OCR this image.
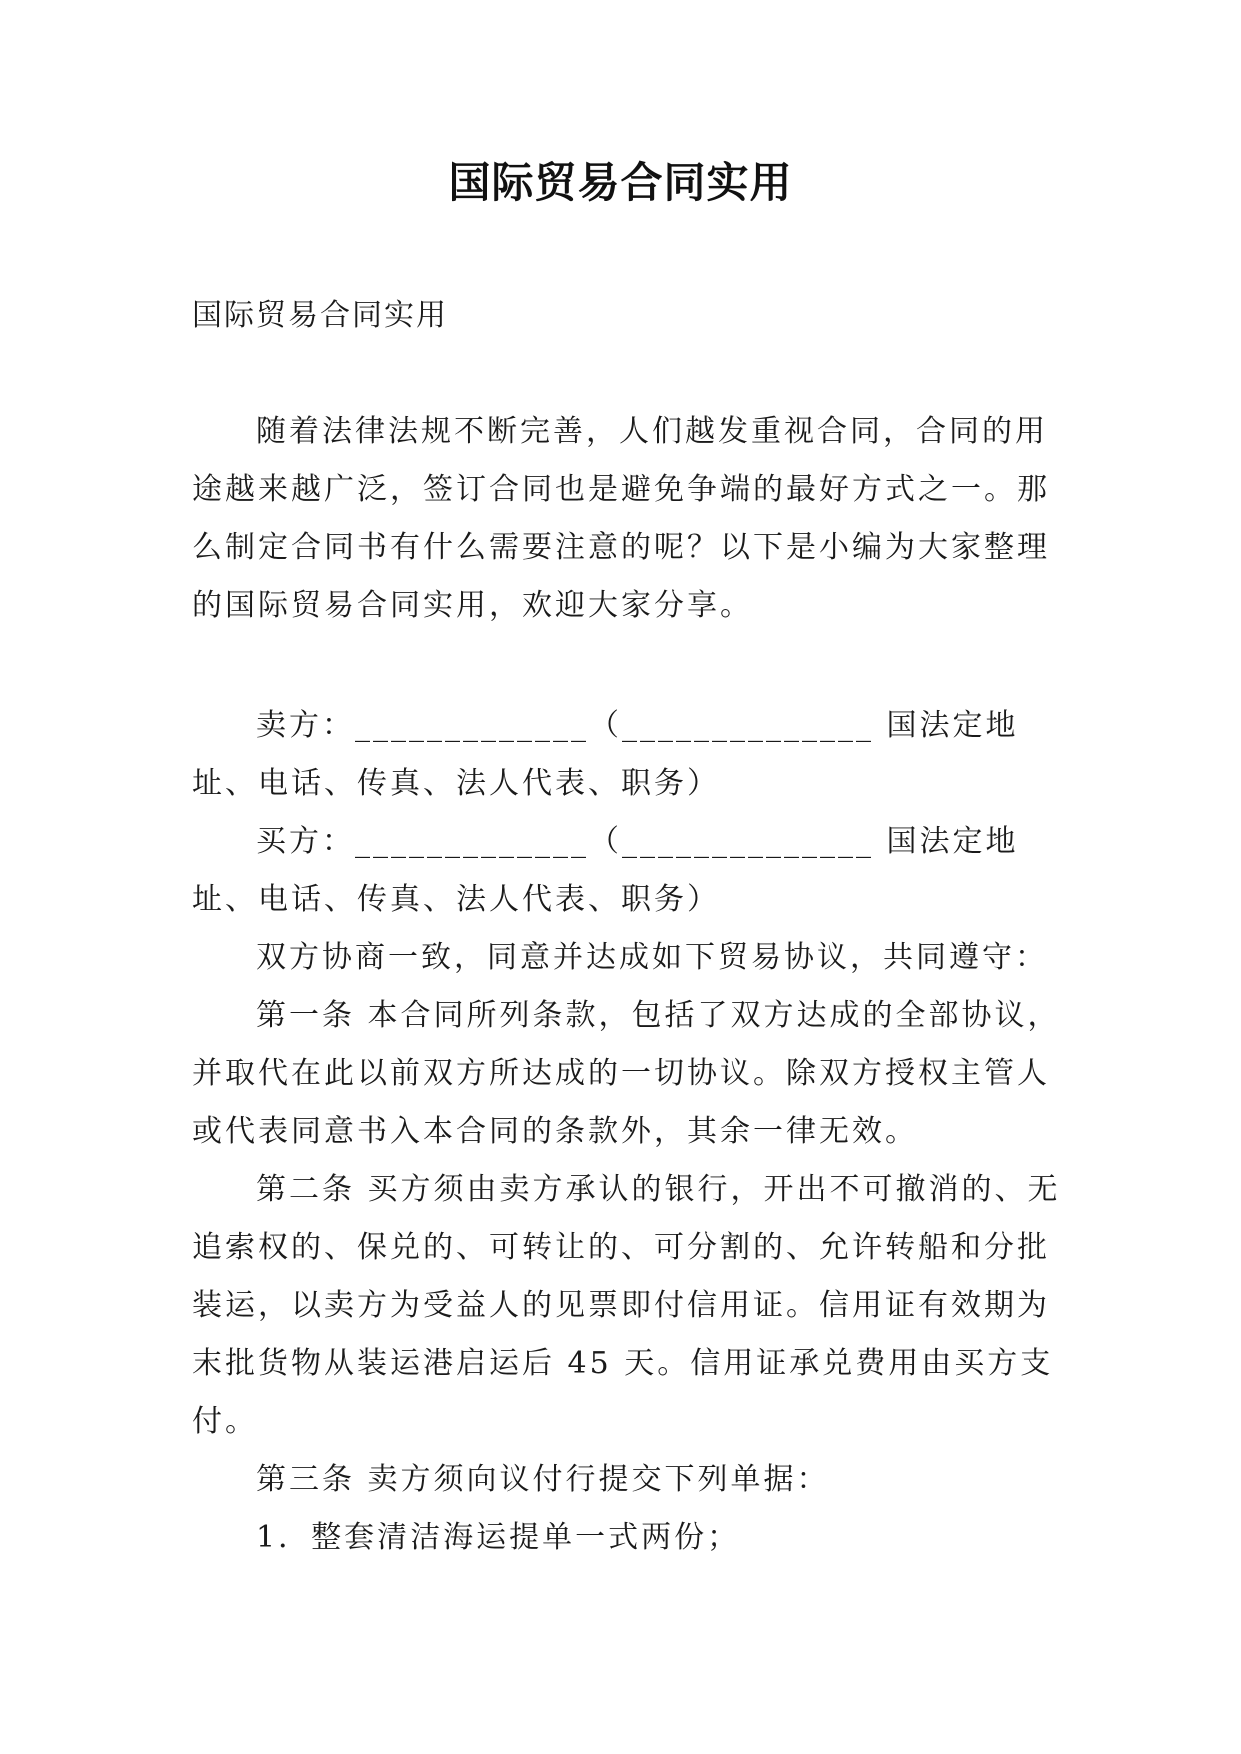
国际贸易合同实用

国际贸易合同实用

随着法律法规不断完善，人们越发重视合同，合同的用途越来越广泛，签订合同也是避免争端的最好方式之一。那么制定合同书有什么需要注意的呢？以下是小编为大家整理的国际贸易合同实用，欢迎大家分享。

卖方：_____________（______________ 国法定地址、电话、传真、法人代表、职务）

买方：_____________（______________ 国法定地址、电话、传真、法人代表、职务）

双方协商一致，同意并达成如下贸易协议，共同遵守：

第一条 本合同所列条款，包括了双方达成的全部协议，并取代在此以前双方所达成的一切协议。除双方授权主管人或代表同意书入本合同的条款外，其余一律无效。

第二条 买方须由卖方承认的银行，开出不可撤消的、无追索权的、保兑的、可转让的、可分割的、允许转船和分批装运，以卖方为受益人的见票即付信用证。信用证有效期为末批货物从装运港启运后 45 天。信用证承兑费用由买方支付。

第三条 卖方须向议付行提交下列单据：

1．整套清洁海运提单一式两份；
